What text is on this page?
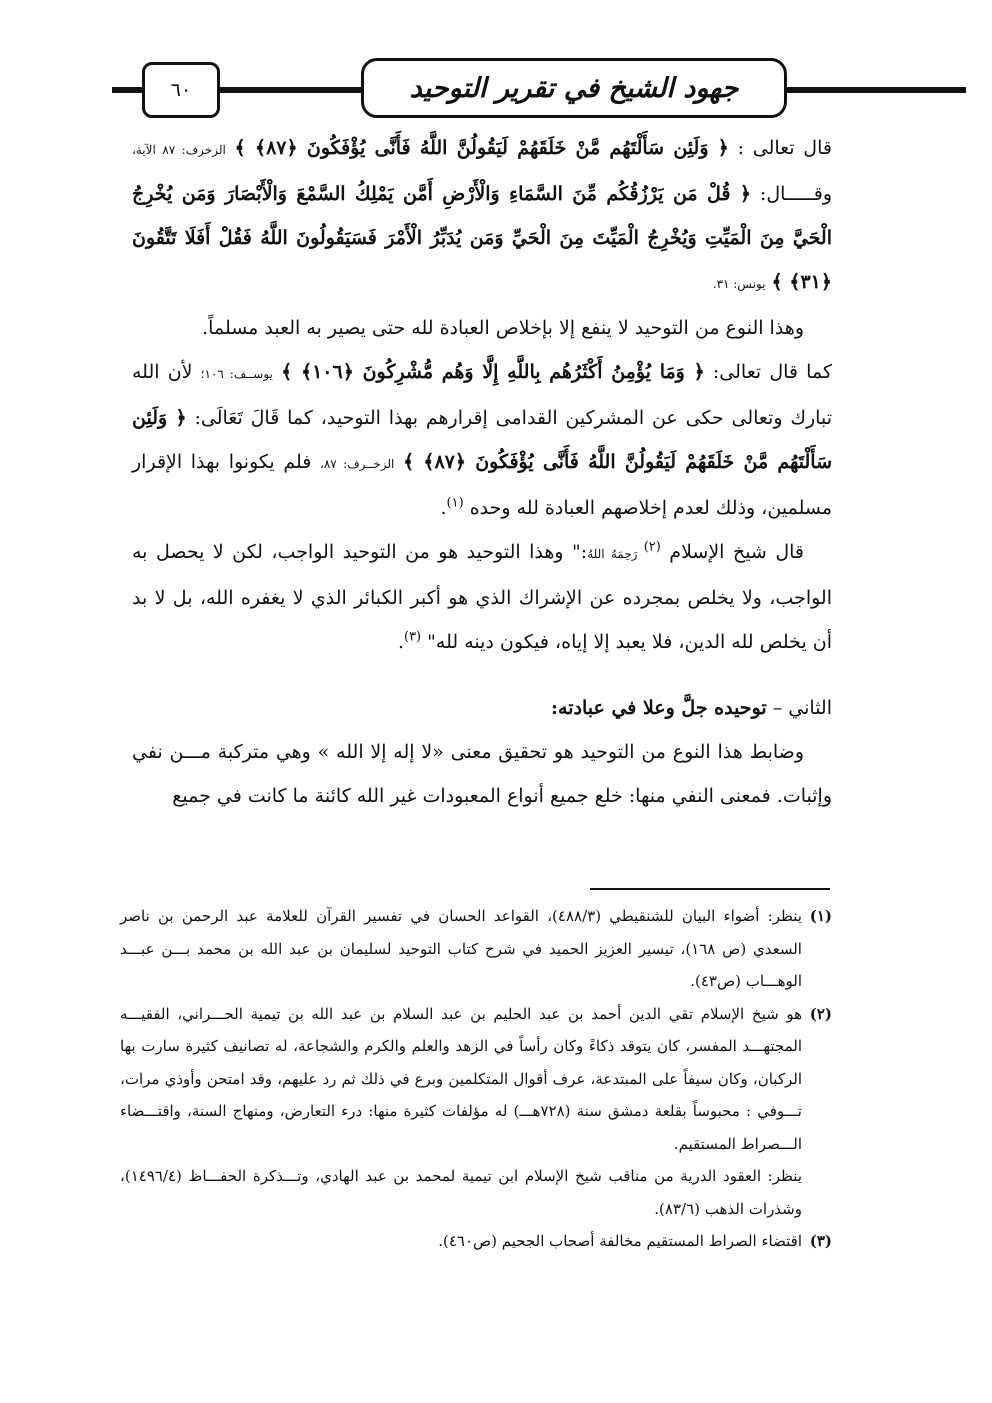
٦٠	جهود الشيخ في تقرير التوحيد

قال تعالى : ﴿ وَلَئِن سَأَلْتَهُم مَّنْ خَلَقَهُمْ لَيَقُولُنَّ اللَّهُ فَأَنَّى يُؤْفَكُونَ ﴿٨٧﴾ ﴾ الزخرف: ٨٧ الآية، وقـــــال: ﴿ قُلْ مَن يَرْزُقُكُم مِّنَ السَّمَاءِ وَالْأَرْضِ أَمَّن يَمْلِكُ السَّمْعَ وَالْأَبْصَارَ وَمَن يُخْرِجُ الْحَيَّ مِنَ الْمَيِّتِ وَيُخْرِجُ الْمَيِّتَ مِنَ الْحَيِّ وَمَن يُدَبِّرُ الْأَمْرَ فَسَيَقُولُونَ اللَّهُ فَقُلْ أَفَلَا تَتَّقُونَ ﴿٣١﴾ ﴾ يونس: ٣١.

وهذا النوع من التوحيد لا ينفع إلا بإخلاص العبادة لله حتى يصير به العبد مسلماً.

كما قال تعالى: ﴿ وَمَا يُؤْمِنُ أَكْثَرُهُم بِاللَّهِ إِلَّا وَهُم مُّشْرِكُونَ ﴿١٠٦﴾ ﴾ يوســف: ١٠٦؛ لأن الله تبارك وتعالى حكى عن المشركين القدامى إقرارهم بهذا التوحيد، كما قَالَ تَعَالَى: ﴿ وَلَئِن سَأَلْتَهُم مَّنْ خَلَقَهُمْ لَيَقُولُنَّ اللَّهُ فَأَنَّى يُؤْفَكُونَ ﴿٨٧﴾ ﴾ الزخــرف: ٨٧، فلم يكونوا بهذا الإقرار مسلمين، وذلك لعدم إخلاصهم العبادة لله وحده $^{(١)}$.

قال شيخ الإسلام $^{(٢)}$ رَحِمَهُ اللهُ:" وهذا التوحيد هو من التوحيد الواجب، لكن لا يحصل به الواجب، ولا يخلص بمجرده عن الإشراك الذي هو أكبر الكبائر الذي لا يغفره الله، بل لا بد أن يخلص لله الدين، فلا يعبد إلا إياه، فيكون دينه لله" $^{(٣)}$.

الثاني – توحيده جلَّ وعلا في عبادته:

وضابط هذا النوع من التوحيد هو تحقيق معنى «لا إله إلا الله » وهي متركبة مـــن نفي وإثبات. فمعنى النفي منها: خلع جميع أنواع المعبودات غير الله كائنة ما كانت في جميع

(١)
ينظر: أضواء البيان للشنقيطي (٤٨٨/٣)، القواعد الحسان في تفسير القرآن للعلامة عبد الرحمن بن ناصر السعدي (ص ١٦٨)، تيسير العزيز الحميد في شرح كتاب التوحيد لسليمان بن عبد الله بن محمد بـــن عبـــد الوهـــاب (ص٤٣).

(٢)
هو شيخ الإسلام تقي الدين أحمد بن عبد الحليم بن عبد السلام بن عبد الله بن تيمية الحـــراني، الفقيـــه المجتهـــد المفسر، كان يتوقد ذكاءً وكان رأساً في الزهد والعلم والكرم والشجاعة، له تصانيف كثيرة سارت بها الركبان، وكان سيفاً على المبتدعة، عرف أقوال المتكلمين وبرع في ذلك ثم رد عليهم، وقد امتحن وأوذي مرات، تـــوفي : محبوساً بقلعة دمشق سنة (٧٢٨هـــ) له مؤلفات كثيرة منها: درء التعارض، ومنهاج السنة، واقتـــضاء الـــصراط المستقيم.

ينظر: العقود الدرية من مناقب شيخ الإسلام ابن تيمية لمحمد بن عبد الهادي، وتـــذكرة الحفـــاظ (١٤٩٦/٤)، وشذرات الذهب (٨٣/٦).

(٣)
اقتضاء الصراط المستقيم مخالفة أصحاب الجحيم (ص٤٦٠).
